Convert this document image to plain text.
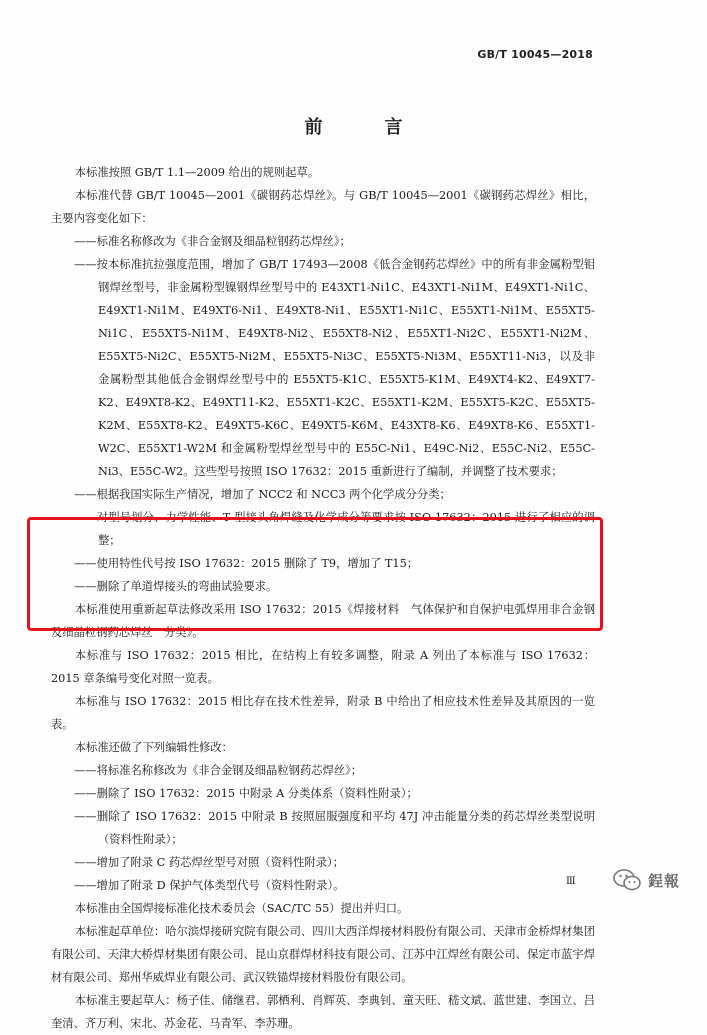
GB/T 10045—2018
前　言

本标准按照 GB/T 1.1—2009 给出的规则起草。

本标准代替 GB/T 10045—2001《碳钢药芯焊丝》。与 GB/T 10045—2001《碳钢药芯焊丝》相比，主要内容变化如下：

——标准名称修改为《非合金钢及细晶粒钢药芯焊丝》；

——按本标准抗拉强度范围，增加了 GB/T 17493—2008《低合金钢药芯焊丝》中的所有非金属粉型钼钢焊丝型号，非金属粉型镍钢焊丝型号中的 E43XT1-Ni1C、E43XT1-Ni1M、E49XT1-Ni1C、E49XT1-Ni1M、E49XT6-Ni1、E49XT8-Ni1、E55XT1-Ni1C、E55XT1-Ni1M、E55XT5-Ni1C、E55XT5-Ni1M、E49XT8-Ni2、E55XT8-Ni2、E55XT1-Ni2C、E55XT1-Ni2M、E55XT5-Ni2C、E55XT5-Ni2M、E55XT5-Ni3C、E55XT5-Ni3M、E55XT11-Ni3，以及非金属粉型其他低合金钢焊丝型号中的 E55XT5-K1C、E55XT5-K1M、E49XT4-K2、E49XT7-K2、E49XT8-K2、E49XT11-K2、E55XT1-K2C、E55XT1-K2M、E55XT5-K2C、E55XT5-K2M、E55XT8-K2、E49XT5-K6C、E49XT5-K6M、E43XT8-K6、E49XT8-K6、E55XT1-W2C、E55XT1-W2M 和金属粉型焊丝型号中的 E55C-Ni1、E49C-Ni2、E55C-Ni2、E55C-Ni3、E55C-W2。这些型号按照 ISO 17632：2015 重新进行了编制，并调整了技术要求；

——根据我国实际生产情况，增加了 NCC2 和 NCC3 两个化学成分分类；

——对型号划分、力学性能、T 型接头角焊缝及化学成分等要求按 ISO 17632：2015 进行了相应的调整；

——使用特性代号按 ISO 17632：2015 删除了 T9，增加了 T15；

——删除了单道焊接头的弯曲试验要求。

本标准使用重新起草法修改采用 ISO 17632：2015《焊接材料　气体保护和自保护电弧焊用非合金钢及细晶粒钢药芯焊丝　分类》。

本标准与 ISO 17632：2015 相比，在结构上有较多调整，附录 A 列出了本标准与 ISO 17632：2015 章条编号变化对照一览表。

本标准与 ISO 17632：2015 相比存在技术性差异，附录 B 中给出了相应技术性差异及其原因的一览表。

本标准还做了下列编辑性修改：

——将标准名称修改为《非合金钢及细晶粒钢药芯焊丝》；

——删除了 ISO 17632：2015 中附录 A 分类体系（资料性附录）；

——删除了 ISO 17632：2015 中附录 B 按照屈服强度和平均 47J 冲击能量分类的药芯焊丝类型说明（资料性附录）；

——增加了附录 C 药芯焊丝型号对照（资料性附录）；

——增加了附录 D 保护气体类型代号（资料性附录）。

本标准由全国焊接标准化技术委员会（SAC/TC 55）提出并归口。

本标准起草单位：哈尔滨焊接研究院有限公司、四川大西洋焊接材料股份有限公司、天津市金桥焊材集团有限公司、天津大桥焊材集团有限公司、昆山京群焊材科技有限公司、江苏中江焊丝有限公司、保定市蓝宇焊材有限公司、郑州华威焊业有限公司、武汉铁锚焊接材料股份有限公司。

本标准主要起草人：杨子佳、储继君、郭栖利、肖辉英、李典钊、童天旺、嵇文斌、蓝世建、李国立、吕奎清、齐万利、宋北、苏金花、马青军、李苏珊。

Ⅲ	鋥報
